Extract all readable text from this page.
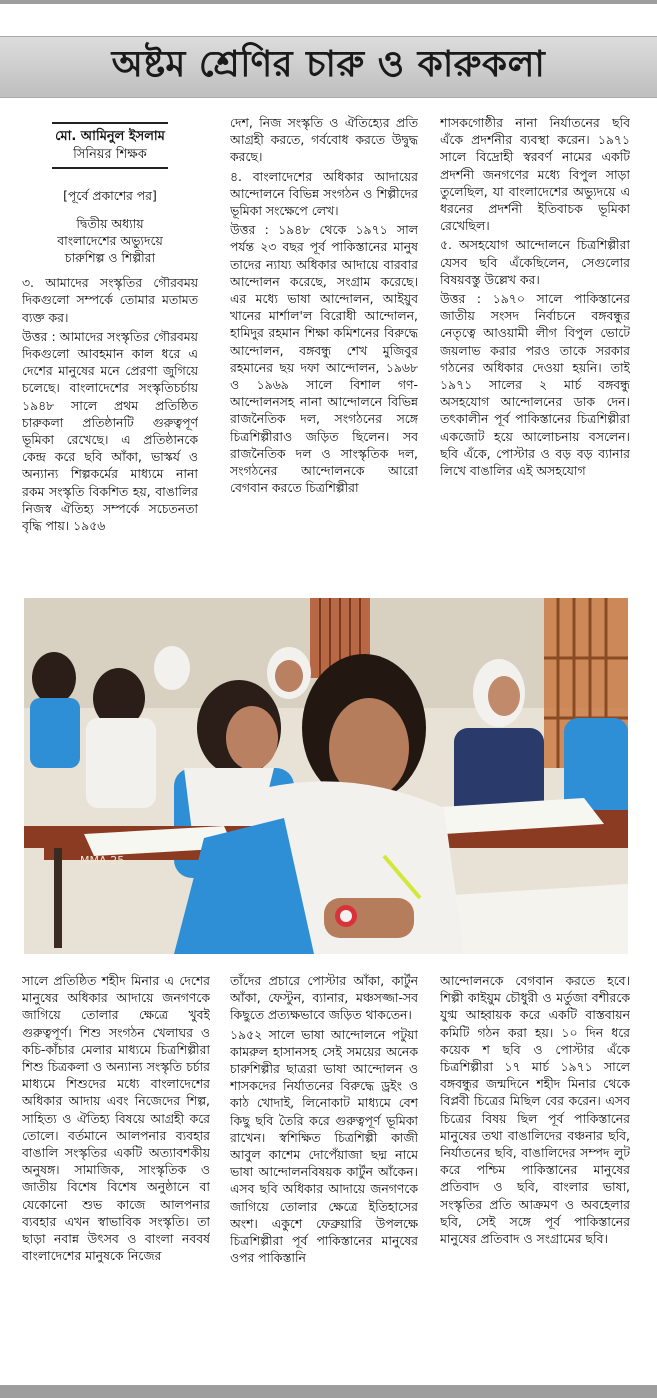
অষ্টম শ্রেণির চারু ও কারুকলা
মো. আমিনুল ইসলাম
সিনিয়র শিক্ষক

[পূর্বে প্রকাশের পর]

দ্বিতীয় অধ্যায়

বাংলাদেশের অভ্যুদয়ে

চারুশিল্প ও শিল্পীরা

৩. আমাদের সংস্কৃতির গৌরবময় দিকগুলো সম্পর্কে তোমার মতামত ব্যক্ত কর।

উত্তর : আমাদের সংস্কৃতির গৌরবময় দিকগুলো আবহমান কাল ধরে এ দেশের মানুষের মনে প্রেরণা জুগিয়ে চলেছে। বাংলাদেশের সংস্কৃতিচর্চায় ১৯৪৮ সালে প্রথম প্রতিষ্ঠিত চারুকলা প্রতিষ্ঠানটি গুরুত্বপূর্ণ ভূমিকা রেখেছে। এ প্রতিষ্ঠানকে কেন্দ্র করে ছবি আঁকা, ভাস্কর্য ও অন্যান্য শিল্পকর্মের মাধ্যমে নানা রকম সংস্কৃতি বিকশিত হয়, বাঙালির নিজস্ব ঐতিহ্য সম্পর্কে সচেতনতা বৃদ্ধি পায়। ১৯৫৬

দেশ, নিজ সংস্কৃতি ও ঐতিহ্যের প্রতি আগ্রহী করতে, গর্ববোধ করতে উদ্বুদ্ধ করছে।

৪. বাংলাদেশের অধিকার আদায়ের আন্দোলনে বিভিন্ন সংগঠন ও শিল্পীদের ভূমিকা সংক্ষেপে লেখ।

উত্তর : ১৯৪৮ থেকে ১৯৭১ সাল পর্যন্ত ২৩ বছর পূর্ব পাকিস্তানের মানুষ তাদের ন্যায্য অধিকার আদায়ে বারবার আন্দোলন করেছে, সংগ্রাম করেছে। এর মধ্যে ভাষা আন্দোলন, আইয়ুব খানের মার্শাল'ল বিরোধী আন্দোলন, হামিদুর রহমান শিক্ষা কমিশনের বিরুদ্ধে আন্দোলন, বঙ্গবন্ধু শেখ মুজিবুর রহমানের ছয় দফা আন্দোলন, ১৯৬৮ ও ১৯৬৯ সালে বিশাল গণ-আন্দোলনসহ নানা আন্দোলনে বিভিন্ন রাজনৈতিক দল, সংগঠনের সঙ্গে চিত্রশিল্পীরাও জড়িত ছিলেন। সব রাজনৈতিক দল ও সাংস্কৃতিক দল, সংগঠনের আন্দোলনকে আরো বেগবান করতে চিত্রশিল্পীরা

শাসকগোষ্ঠীর নানা নির্যাতনের ছবি এঁকে প্রদর্শনীর ব্যবস্থা করেন। ১৯৭১ সালে বিদ্রোহী স্বরবর্ণ নামের একটি প্রদর্শনী জনগণের মধ্যে বিপুল সাড়া তুলেছিল, যা বাংলাদেশের অভ্যুদয়ে এ ধরনের প্রদর্শনী ইতিবাচক ভূমিকা রেখেছিল।

৫. অসহযোগ আন্দোলনে চিত্রশিল্পীরা যেসব ছবি এঁকেছিলেন, সেগুলোর বিষয়বস্তু উল্লেখ কর।

উত্তর : ১৯৭০ সালে পাকিস্তানের জাতীয় সংসদ নির্বাচনে বঙ্গবন্ধুর নেতৃত্বে আওয়ামী লীগ বিপুল ভোটে জয়লাভ করার পরও তাকে সরকার গঠনের অধিকার দেওয়া হয়নি। তাই ১৯৭১ সালের ২ মার্চ বঙ্গবন্ধু অসহযোগ আন্দোলনের ডাক দেন। তৎকালীন পূর্ব পাকিস্তানের চিত্রশিল্পীরা একজোট হয়ে আলোচনায় বসলেন। ছবি এঁকে, পোস্টার ও বড় বড় ব্যানার লিখে বাঙালির এই অসহযোগ

MMA-25

সালে প্রতিষ্ঠিত শহীদ মিনার এ দেশের মানুষের অধিকার আদায়ে জনগণকে জাগিয়ে তোলার ক্ষেত্রে খুবই গুরুত্বপূর্ণ। শিশু সংগঠন খেলাঘর ও কচি-কাঁচার মেলার মাধ্যমে চিত্রশিল্পীরা শিশু চিত্রকলা ও অন্যান্য সংস্কৃতি চর্চার মাধ্যমে শিশুদের মধ্যে বাংলাদেশের অধিকার আদায় এবং নিজেদের শিল্প, সাহিত্য ও ঐতিহ্য বিষয়ে আগ্রহী করে তোলে। বর্তমানে আলপনার ব্যবহার বাঙালি সংস্কৃতির একটি অত্যাবশকীয় অনুষঙ্গ। সামাজিক, সাংস্কৃতিক ও জাতীয় বিশেষ বিশেষ অনুষ্ঠানে বা যেকোনো শুভ কাজে আলপনার ব্যবহার এখন স্বাভাবিক সংস্কৃতি। তা ছাড়া নবান্ন উৎসব ও বাংলা নববর্ষ বাংলাদেশের মানুষকে নিজের

তাঁদের প্রচারে পোস্টার আঁকা, কার্টুন আঁকা, ফেস্টুন, ব্যানার, মঞ্চসজ্জা-সব কিছুতে প্রত্যক্ষভাবে জড়িত থাকতেন।

১৯৫২ সালে ভাষা আন্দোলনে পটুয়া কামরুল হাসানসহ সেই সময়ের অনেক চারুশিল্পীর ছাত্ররা ভাষা আন্দোলন ও শাসকদের নির্যাতনের বিরুদ্ধে ড্রইং ও কাঠ খোদাই, লিনোকাট মাধ্যমে বেশ কিছু ছবি তৈরি করে গুরুত্বপূর্ণ ভূমিকা রাখেন। স্বশিক্ষিত চিত্রশিল্পী কাজী আবুল কাশেম দোপেঁয়াজা ছদ্ম নামে ভাষা আন্দোলনবিষয়ক কার্টুন আঁকেন। এসব ছবি অধিকার আদায়ে জনগণকে জাগিয়ে তোলার ক্ষেত্রে ইতিহাসের অংশ। একুশে ফেব্রুয়ারি উপলক্ষে চিত্রশিল্পীরা পূর্ব পাকিস্তানের মানুষের ওপর পাকিস্তানি

আন্দোলনকে বেগবান করতে হবে। শিল্পী কাইয়ুম চৌধুরী ও মর্তুজা বশীরকে যুগ্ম আহ্বায়ক করে একটি বাস্তবায়ন কমিটি গঠন করা হয়। ১০ দিন ধরে কয়েক শ ছবি ও পোস্টার এঁকে চিত্রশিল্পীরা ১৭ মার্চ ১৯৭১ সালে বঙ্গবন্ধুর জন্মদিনে শহীদ মিনার থেকে বিপ্লবী চিত্রের মিছিল বের করেন। এসব চিত্রের বিষয় ছিল পূর্ব পাকিস্তানের মানুষের তথা বাঙালিদের বঞ্চনার ছবি, নির্যাতনের ছবি, বাঙালিদের সম্পদ লুট করে পশ্চিম পাকিস্তানের মানুষের প্রতিবাদ ও ছবি, বাংলার ভাষা, সংস্কৃতির প্রতি আক্রমণ ও অবহেলার ছবি, সেই সঙ্গে পূর্ব পাকিস্তানের মানুষের প্রতিবাদ ও সংগ্রামের ছবি।
